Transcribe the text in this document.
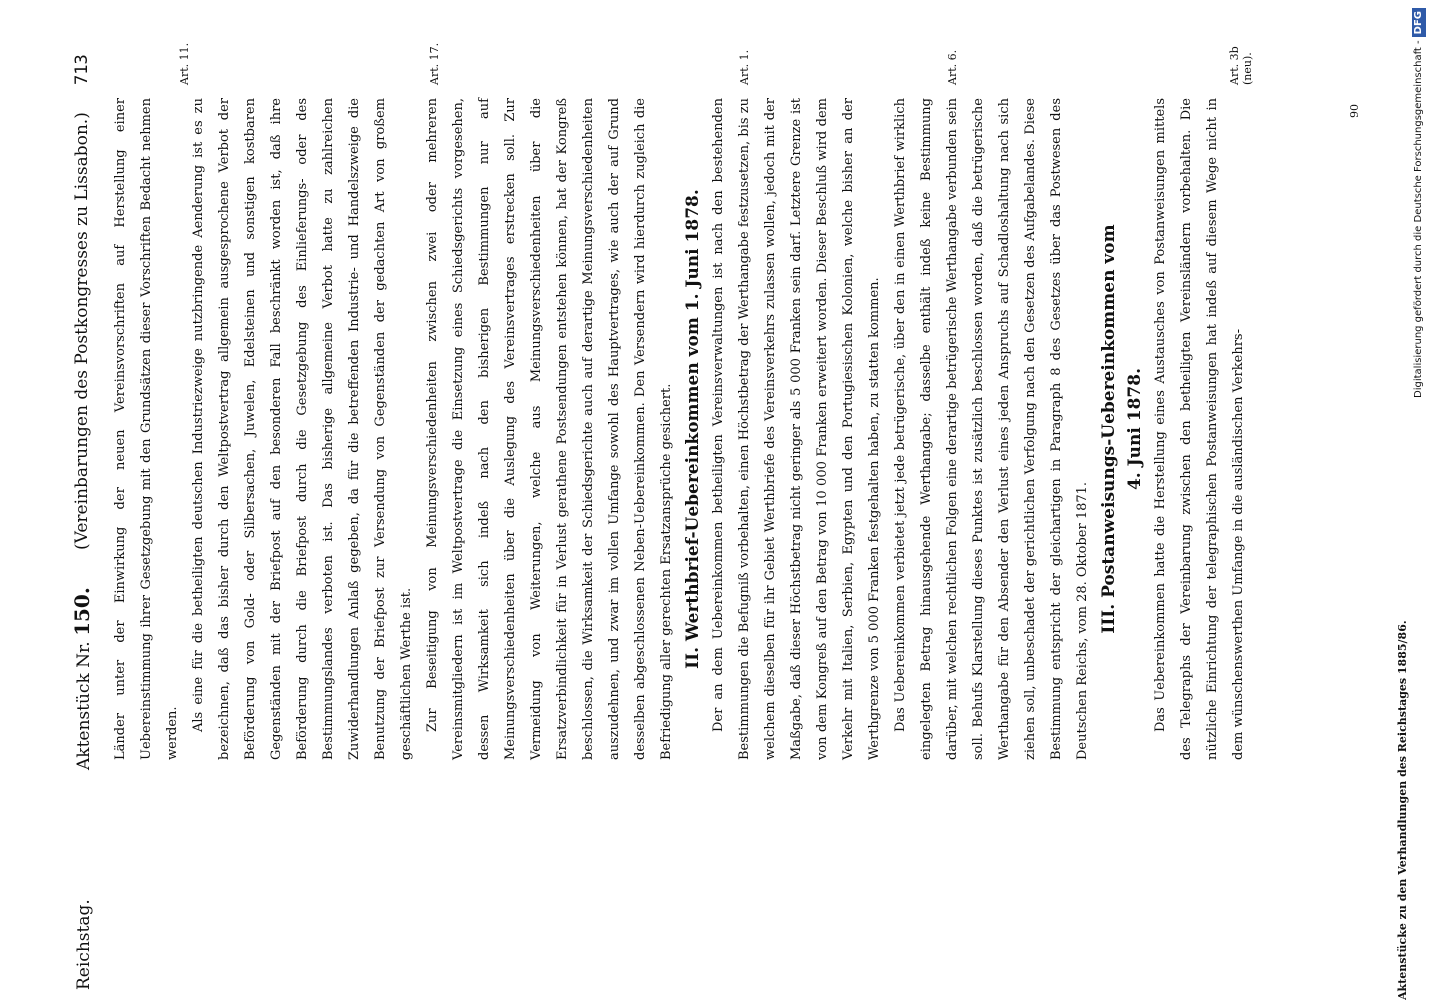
Reichstag.
Aktenstück Nr. 150.
(Vereinbarungen des Postkongresses zu Lissabon.)
713

Länder unter der Einwirkung der neuen Vereinsvorschriften auf Herstellung einer Uebereinstimmung ihrer Gesetzgebung mit den Grundsätzen dieser Vorschriften Bedacht nehmen werden.

Als eine für die betheiligten deutschen Industriezweige nutzbringende Aenderung ist es zu bezeichnen, daß das bisher durch den Weltpostvertrag allgemein ausgesprochene Verbot der Beförderung von Gold- oder Silbersachen, Juwelen, Edelsteinen und sonstigen kostbaren Gegenständen mit der Briefpost auf den besonderen Fall beschränkt worden ist, daß ihre Beförderung durch die Briefpost durch die Gesetzgebung des Einlieferungs- oder des Bestimmungslandes verboten ist. Das bisherige allgemeine Verbot hatte zu zahlreichen Zuwiderhandlungen Anlaß gegeben, da für die betreffenden Industrie- und Handelszweige die Benutzung der Briefpost zur Versendung von Gegenständen der gedachten Art von großem geschäftlichen Werthe ist. Zur Beseitigung von Meinungsverschiedenheiten zwischen zwei oder mehreren Vereinsmitgliedern ist im Weltpostvertrage die Einsetzung eines Schiedsgerichts vorgesehen, dessen Wirksamkeit sich indeß nach den bisherigen Bestimmungen nur auf Meinungsverschiedenheiten über die Auslegung des Vereinsvertrages erstrecken soll. Zur Vermeidung von Weiterungen, welche aus Meinungsverschiedenheiten über die Ersatzverbindlichkeit für in Verlust gerathene Postsendungen entstehen können, hat der Kongreß beschlossen, die Wirksamkeit der Schiedsgerichte auch auf derartige Meinungsverschiedenheiten auszudehnen, und zwar im vollen Umfange sowohl des Hauptvertrages, wie auch der auf Grund desselben abgeschlossenen Neben-Uebereinkommen. Den Versendern wird hierdurch zugleich die Befriedigung aller gerechten Ersatzansprüche gesichert. II. Werthbrief-Uebereinkommen vom 1. Juni 1878. Der an dem Uebereinkommen betheiligten Vereinsverwaltungen ist nach den bestehenden Bestimmungen die Befugniß vorbehalten, einen Höchstbetrag der Werthangabe festzusetzen, bis zu welchem dieselben für ihr Gebiet Werthbriefe des Vereinsverkehrs zulassen wollen, jedoch mit der Maßgabe, daß dieser Höchstbetrag nicht geringer als 5 000 Franken sein darf. Letztere Grenze ist von dem Kongreß auf den Betrag von 10 000 Franken erweitert worden. Dieser Beschluß wird dem Verkehr mit Italien, Serbien, Egypten und den Portugiesischen Kolonien, welche bisher an der Werthgrenze von 5 000 Franken festgehalten haben, zu statten kommen. Das Uebereinkommen verbietet jetzt jede betrügerische, über den in einen Werthbrief wirklich eingelegten Betrag hinausgehende Werthangabe; dasselbe enthält indeß keine Bestimmung darüber, mit welchen rechtlichen Folgen eine derartige betrügerische Werthangabe verbunden sein soll. Behufs Klarstellung dieses Punktes ist zusätzlich beschlossen worden, daß die betrügerische Werthangabe für den Absender den Verlust eines jeden Anspruchs auf Schadloshaltung nach sich ziehen soll, unbeschadet der gerichtlichen Verfolgung nach den Gesetzen des Aufgabelandes. Diese Bestimmung entspricht der gleichartigen in Paragraph 8 des Gesetzes über das Postwesen des Deutschen Reichs, vom 28. Oktober 1871. III. Postanweisungs-Uebereinkommen vom 4. Juni 1878. Das Uebereinkommen hatte die Herstellung eines Austausches von Postanweisungen mittels des Telegraphs der Vereinbarung zwischen den betheiligten Vereinsländern vorbehalten. Die nützliche Einrichtung der telegraphischen Postanweisungen hat indeß auf diesem Wege nicht in dem wünschenswerthen Umfange in die ausländischen Verkehrs-

Art. 11.	Art. 17.	Art. 1.	Art. 6.	Art. 3b (neu).
90
Aktenstücke zu den Verhandlungen des Reichstages 1885/86.
Digitalisierung gefördert durch die Deutsche Forschungsgemeinschaft -DFG
